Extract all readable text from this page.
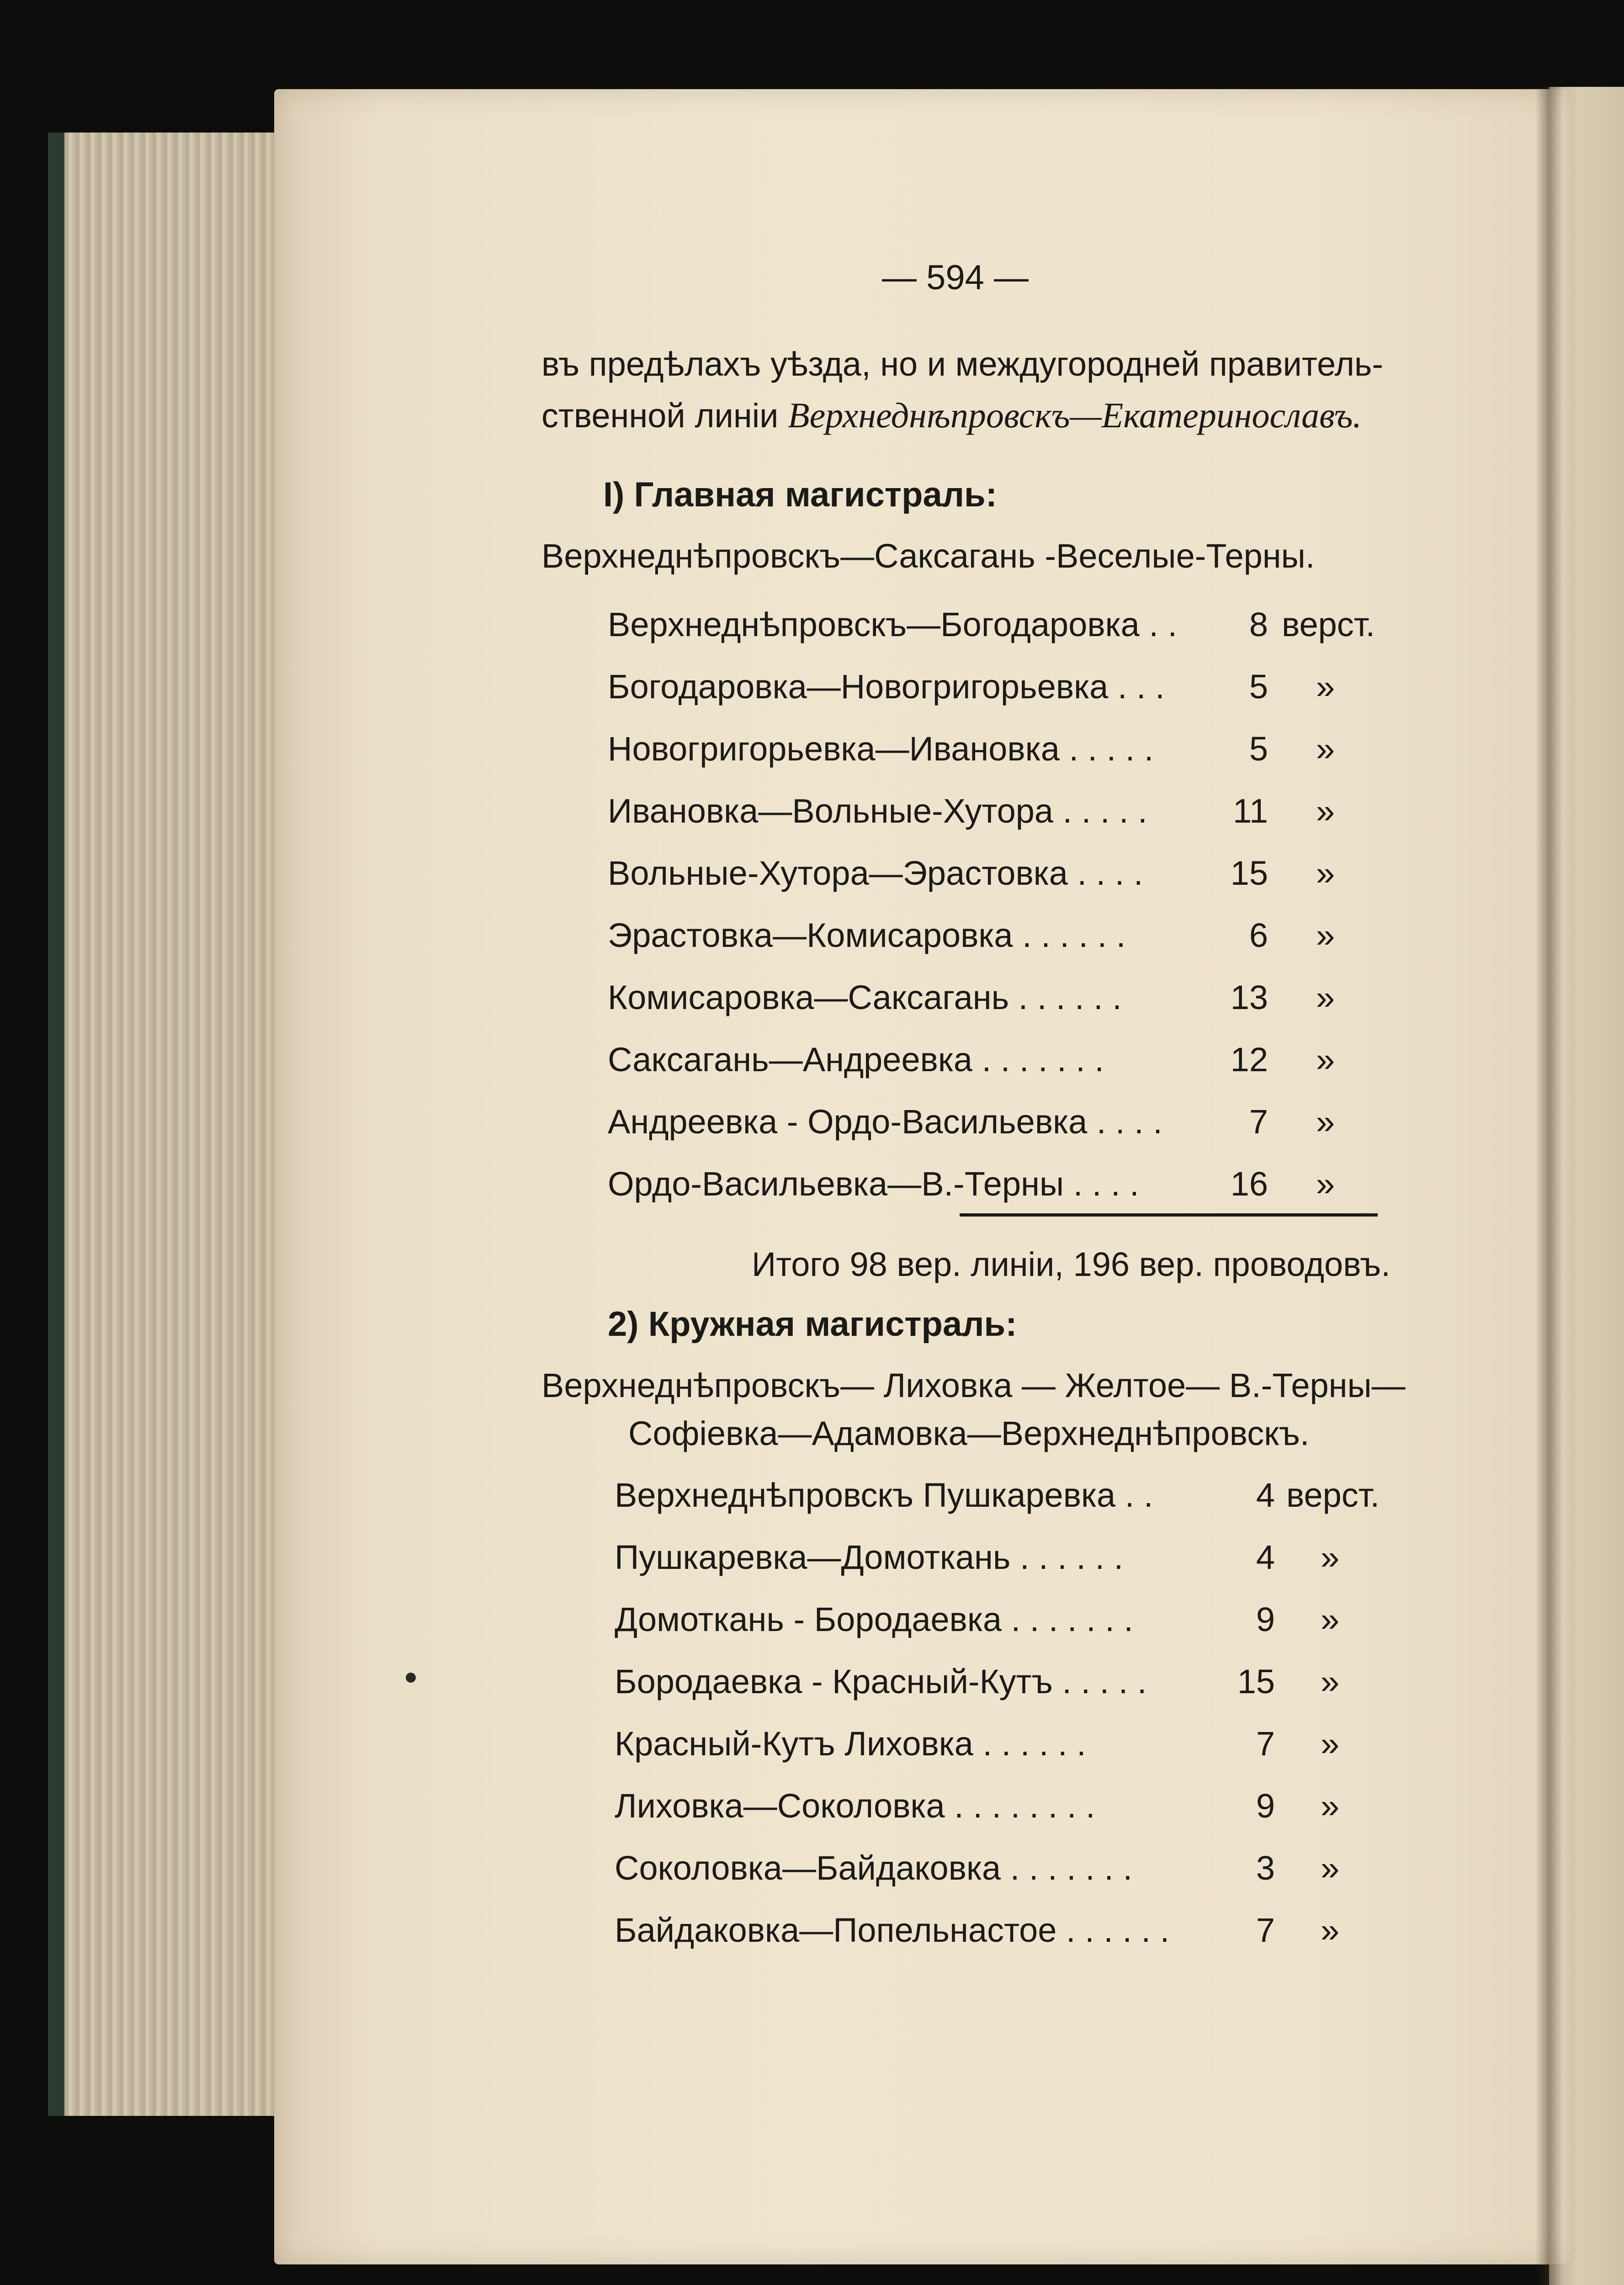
— 594 —
въ предѣлахъ уѣзда, но и междугородней правитель-
ственной линіи Верхнеднѣпровскъ—Екатеринославъ.
І) Главная магистраль:
Верхнеднѣпровскъ—Саксагань -Веселые-Терны.
Верхнеднѣпровскъ—Богодаровка . .	8 верст.
Богодаровка—Новогригорьевка . . .	5 »
Новогригорьевка—Ивановка . . . . .	5 »
Ивановка—Вольные-Хутора . . . . .	11 »
Вольные-Хутора—Эрастовка . . . .	15 »
Эрастовка—Комисаровка . . . . . .	6 »
Комисаровка—Саксагань . . . . . .	13 »
Саксагань—Андреевка . . . . . . .	12 »
Андреевка - Ордо-Васильевка . . . .	7 »
Ордо-Васильевка—В.-Терны . . . .	16 »
Итого 98 вер. линіи, 196 вер. проводовъ.
2) Кружная магистраль:
Верхнеднѣпровскъ— Лиховка — Желтое— В.-Терны—
Софіевка—Адамовка—Верхнеднѣпровскъ.
Верхнеднѣпровскъ Пушкаревка . .	4 верст.
Пушкаревка—Домоткань . . . . . .	4 »
Домоткань - Бородаевка . . . . . . .	9 »
Бородаевка - Красный-Кутъ . . . . .	15 »
Красный-Кутъ Лиховка . . . . . .	7 »
Лиховка—Соколовка . . . . . . . .	9 »
Соколовка—Байдаковка . . . . . . .	3 »
Байдаковка—Попельнастое . . . . . .	7 »
